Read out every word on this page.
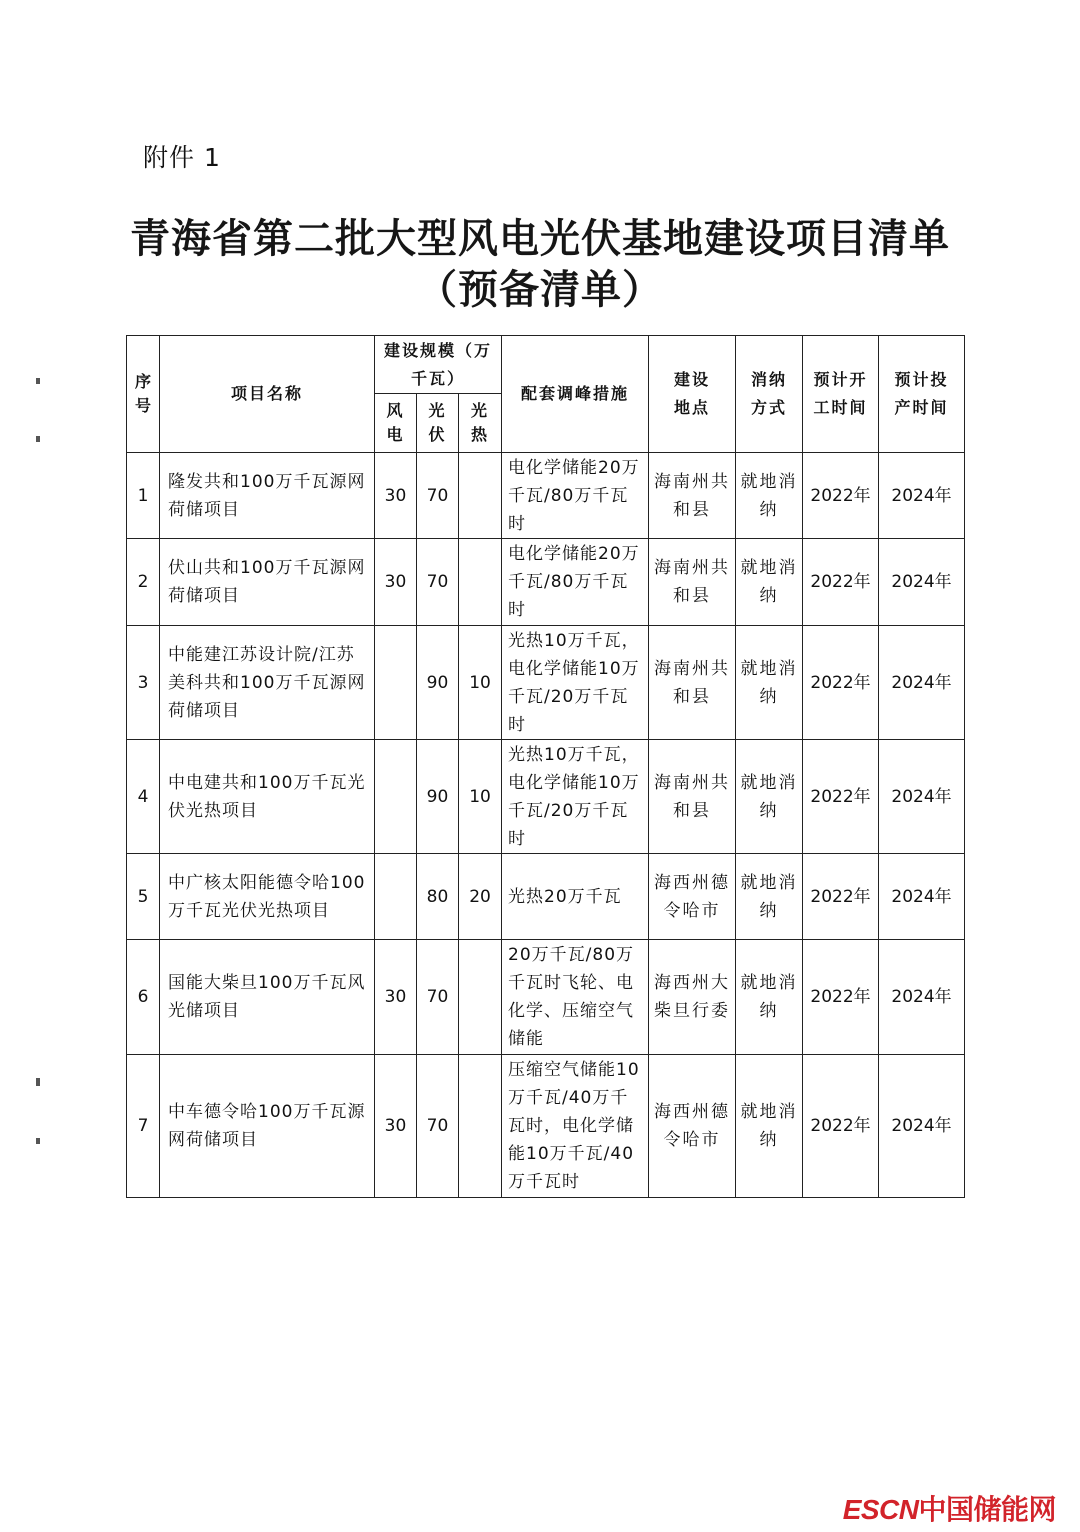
附件 1
青海省第二批大型风电光伏基地建设项目清单
（预备清单）
序号	项目名称	建设规模（万千瓦）			配套调峰措施	建设地点	消纳方式	预计开工时间	预计投产时间
		风电	光伏	光热					
1	隆发共和100万千瓦源网荷储项目	30	70		电化学储能20万千瓦/80万千瓦时	海南州共和县	就地消纳	2022年	2024年
2	伏山共和100万千瓦源网荷储项目	30	70		电化学储能20万千瓦/80万千瓦时	海南州共和县	就地消纳	2022年	2024年
3	中能建江苏设计院/江苏美科共和100万千瓦源网荷储项目		90	10	光热10万千瓦，电化学储能10万千瓦/20万千瓦时	海南州共和县	就地消纳	2022年	2024年
4	中电建共和100万千瓦光伏光热项目		90	10	光热10万千瓦，电化学储能10万千瓦/20万千瓦时	海南州共和县	就地消纳	2022年	2024年
5	中广核太阳能德令哈100万千瓦光伏光热项目		80	20	光热20万千瓦	海西州德令哈市	就地消纳	2022年	2024年
6	国能大柴旦100万千瓦风光储项目	30	70		20万千瓦/80万千瓦时飞轮、电化学、压缩空气储能	海西州大柴旦行委	就地消纳	2022年	2024年
7	中车德令哈100万千瓦源网荷储项目	30	70		压缩空气储能10万千瓦/40万千瓦时，电化学储能10万千瓦/40万千瓦时	海西州德令哈市	就地消纳	2022年	2024年
ESCN中国储能网
